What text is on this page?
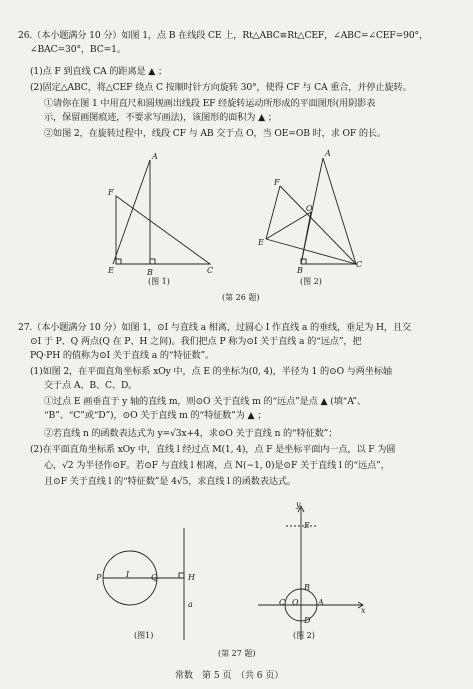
26.（本小题满分 10 分）如图 1，点 B 在线段 CE 上，Rt△ABC≌Rt△CEF，∠ABC=∠CEF=90°，
∠BAC=30°，BC=1。
(1)点 F 到直线 CA 的距离是 ▲ ；
(2)固定△ABC，将△CEF 绕点 C 按顺时针方向旋转 30°，使得 CF 与 CA 重合，并停止旋转。
①请你在图 1 中用直尺和圆规画出线段 EF 经旋转运动所形成的平面图形(用阴影表
示，保留画图痕迹，不要求写画法)，该图形的面积为 ▲ ；
②如图 2，在旋转过程中，线段 CF 与 AB 交于点 O，当 OE=OB 时，求 OF 的长。
A
F
E	B	C
(图 1)
A
F
O
E
B
C
(图 2)
(第 26 题)
27.（本小题满分 10 分）如图 1，⊙I 与直线 a 相离，过圆心 I 作直线 a 的垂线，垂足为 H，且交
⊙I 于 P、Q 两点(Q 在 P、H 之间)。我们把点 P 称为⊙I 关于直线 a 的“远点”，把
PQ·PH 的值称为⊙I 关于直线 a 的“特征数”。
(1)如图 2，在平面直角坐标系 xOy 中，点 E 的坐标为(0, 4)，半径为 1 的⊙O 与两坐标轴
交于点 A、B、C、D。
①过点 E 画垂直于 y 轴的直线 m，则⊙O 关于直线 m 的“远点”是点 ▲ (填“A”、
“B”、“C”或“D”)，⊙O 关于直线 m 的“特征数”为 ▲ ；
②若直线 n 的函数表达式为 y=√3x+4，求⊙O 关于直线 n 的“特征数”；
(2)在平面直角坐标系 xOy 中，直线 l 经过点 M(1, 4)，点 F 是坐标平面内一点，以 F 为圆
心，√2 为半径作⊙F。若⊙F 与直线 l 相离，点 N(−1, 0)是⊙F 关于直线 l 的“远点”，
且⊙F 关于直线 l 的“特征数”是 4√5，求直线 l 的函数表达式。
P	I	Q	H
a
(图1)
y
E
B
C O A
D
x
(图 2)
(第 27 题)
常数　第 5 页　（共 6 页）
